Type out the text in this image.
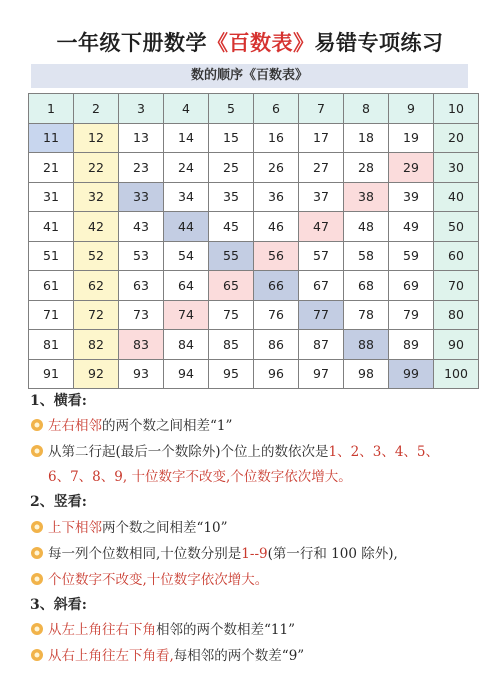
一年级下册数学《百数表》易错专项练习
数的顺序《百数表》
1	2	3	4	5	6	7	8	9	10
11	12	13	14	15	16	17	18	19	20
21	22	23	24	25	26	27	28	29	30
31	32	33	34	35	36	37	38	39	40
41	42	43	44	45	46	47	48	49	50
51	52	53	54	55	56	57	58	59	60
61	62	63	64	65	66	67	68	69	70
71	72	73	74	75	76	77	78	79	80
81	82	83	84	85	86	87	88	89	90
91	92	93	94	95	96	97	98	99	100
1、横看:
左右相邻的两个数之间相差“1”
从第二行起(最后一个数除外)个位上的数依次是1、2、3、4、5、
6、7、8、9, 十位数字不改变,个位数字依次增大。
2、竖看:
上下相邻两个数之间相差“10”
每一列个位数相同,十位数分别是1--9(第一行和 100 除外),
个位数字不改变,十位数字依次增大。
3、斜看:
从左上角往右下角相邻的两个数相差“11”
从右上角往左下角看,每相邻的两个数差“9”
